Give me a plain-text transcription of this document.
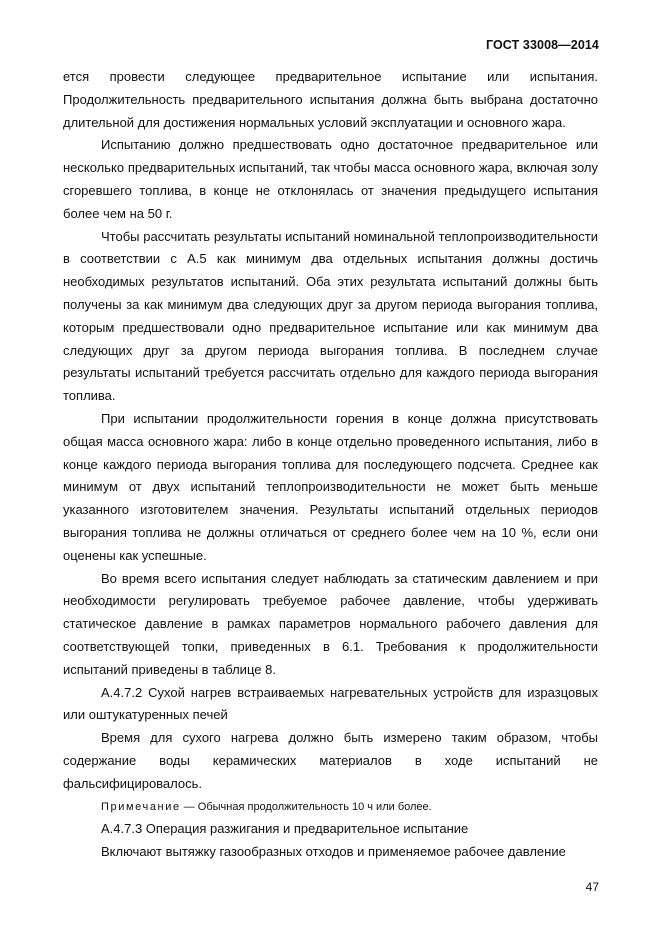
ГОСТ 33008—2014

ется провести следующее предварительное испытание или испытания. Продолжительность предварительного испытания должна быть выбрана достаточно длительной для достижения нормальных условий эксплуатации и основного жара.

Испытанию должно предшествовать одно достаточное предварительное или несколько предварительных испытаний, так чтобы масса основного жара, включая золу сгоревшего топлива, в конце не отклонялась от значения предыдущего испытания более чем на 50 г.

Чтобы рассчитать результаты испытаний номинальной теплопроизводительности в соответствии с А.5 как минимум два отдельных испытания должны достичь необходимых результатов испытаний. Оба этих результата испытаний должны быть получены за как минимум два следующих друг за другом периода выгорания топлива, которым предшествовали одно предварительное испытание или как минимум два следующих друг за другом периода выгорания топлива. В последнем случае результаты испытаний требуется рассчитать отдельно для каждого периода выгорания топлива.

При испытании продолжительности горения в конце должна присутствовать общая масса основного жара: либо в конце отдельно проведенного испытания, либо в конце каждого периода выгорания топлива для последующего подсчета. Среднее как минимум от двух испытаний теплопроизводительности не может быть меньше указанного изготовителем значения. Результаты испытаний отдельных периодов выгорания топлива не должны отличаться от среднего более чем на 10 %, если они оценены как успешные.

Во время всего испытания следует наблюдать за статическим давлением и при необходимости регулировать требуемое рабочее давление, чтобы удерживать статическое давление в рамках параметров нормального рабочего давления для соответствующей топки, приведенных в 6.1. Требования к продолжительности испытаний приведены в таблице 8.

А.4.7.2 Сухой нагрев встраиваемых нагревательных устройств для изразцовых или оштукатуренных печей

Время для сухого нагрева должно быть измерено таким образом, чтобы содержание воды керамических материалов в ходе испытаний не фальсифицировалось.

Примечание — Обычная продолжительность 10 ч или более.

А.4.7.3 Операция разжигания и предварительное испытание

Включают вытяжку газообразных отходов и применяемое рабочее давление

47
